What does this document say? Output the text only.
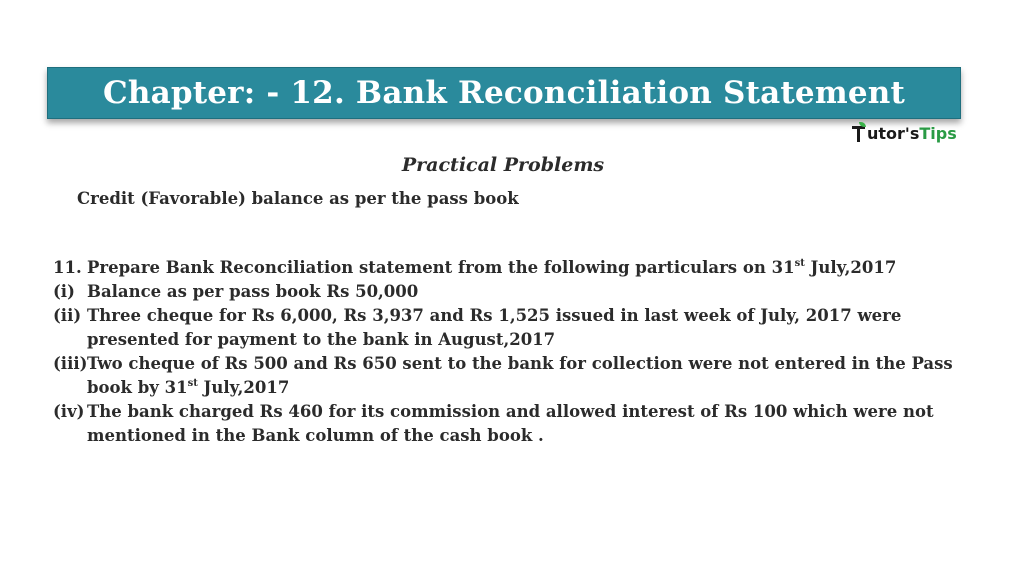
Chapter: - 12. Bank Reconciliation Statement
utor's Tips
Practical Problems
Credit (Favorable) balance as per the pass book
11. Prepare Bank Reconciliation statement from the following particulars on 31st July,2017
(i) Balance as per pass book Rs 50,000
(ii) Three cheque for Rs 6,000, Rs 3,937 and Rs 1,525 issued in last week of July, 2017 were
presented for payment to the bank in August,2017
(iii) Two cheque of Rs 500 and Rs 650 sent to the bank for collection were not entered in the Pass
book by 31st July,2017
(iv) The bank charged Rs 460 for its commission and allowed interest of Rs 100 which were not
mentioned in the Bank column of the cash book .
